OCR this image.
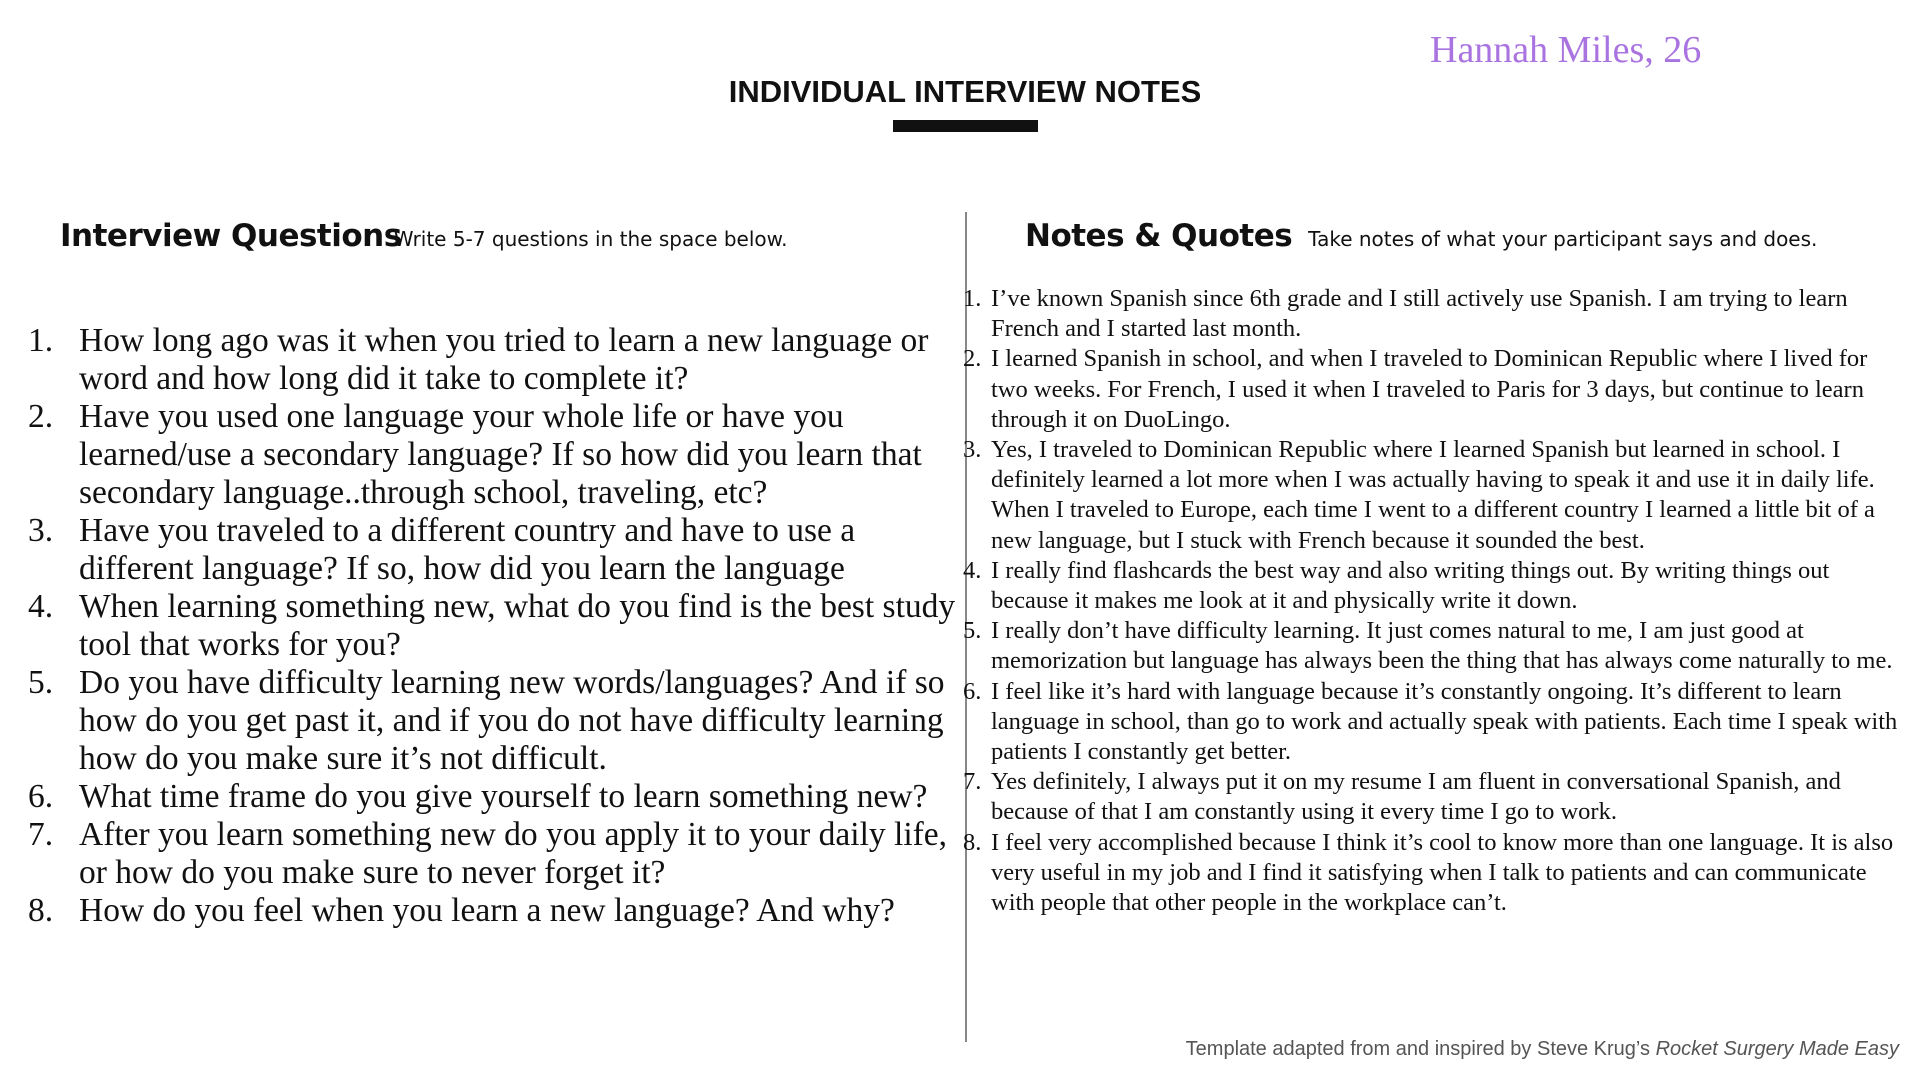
Hannah Miles, 26
INDIVIDUAL INTERVIEW NOTES
Interview QuestionsWrite 5-7 questions in the space below.	Notes & Quotes Take notes of what your participant says and does.
1. How long ago was it when you tried to learn a new language or word and how long did it take to complete it?
2. Have you used one language your whole life or have you learned/use a secondary language? If so how did you learn that secondary language..through school, traveling, etc?
3. Have you traveled to a different country and have to use a different language? If so, how did you learn the language
4. When learning something new, what do you find is the best study tool that works for you?
5. Do you have difficulty learning new words/languages? And if so how do you get past it, and if you do not have difficulty learning how do you make sure it’s not difficult.
6. What time frame do you give yourself to learn something new?
7. After you learn something new do you apply it to your daily life, or how do you make sure to never forget it?
8. How do you feel when you learn a new language? And why?
1. I’ve known Spanish since 6th grade and I still actively use Spanish. I am trying to learn French and I started last month.
2. I learned Spanish in school, and when I traveled to Dominican Republic where I lived for two weeks. For French, I used it when I traveled to Paris for 3 days, but continue to learn through it on DuoLingo.
3. Yes, I traveled to Dominican Republic where I learned Spanish but learned in school. I definitely learned a lot more when I was actually having to speak it and use it in daily life. When I traveled to Europe, each time I went to a different country I learned a little bit of a new language, but I stuck with French because it sounded the best.
4. I really find flashcards the best way and also writing things out. By writing things out because it makes me look at it and physically write it down.
5. I really don’t have difficulty learning. It just comes natural to me, I am just good at memorization but language has always been the thing that has always come naturally to me.
6. I feel like it’s hard with language because it’s constantly ongoing. It’s different to learn language in school, than go to work and actually speak with patients. Each time I speak with patients I constantly get better.
7. Yes definitely, I always put it on my resume I am fluent in conversational Spanish, and because of that I am constantly using it every time I go to work.
8. I feel very accomplished because I think it’s cool to know more than one language. It is also very useful in my job and I find it satisfying when I talk to patients and can communicate with people that other people in the workplace can’t.
Template adapted from and inspired by Steve Krug’s Rocket Surgery Made Easy
